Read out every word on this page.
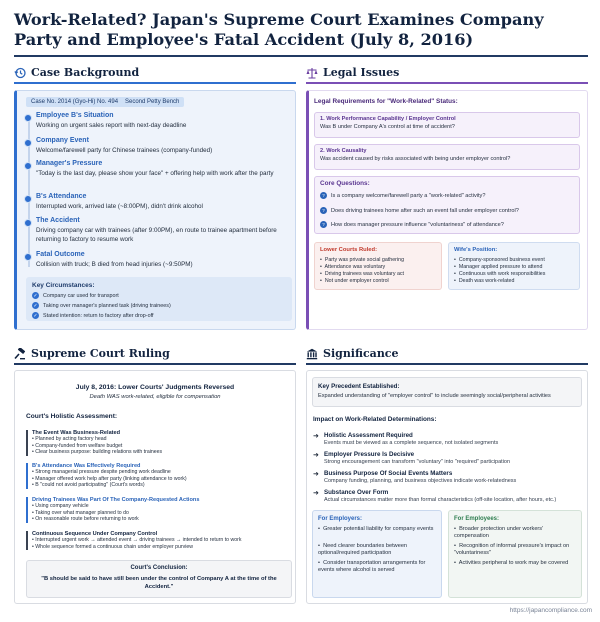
Work-Related? Japan's Supreme Court Examines Company Party and Employee's Fatal Accident (July 8, 2016)
Case Background
Case No. 2014 (Gyo-Hi) No. 494	Second Petty Bench
Employee B's Situation
Working on urgent sales report with next-day deadline
Company Event
Welcome/farewell party for Chinese trainees (company-funded)
Manager's Pressure
"Today is the last day, please show your face" + offering help with work after the party
B's Attendance
Interrupted work, arrived late (~8:00PM), didn't drink alcohol
The Accident
Driving company car with trainees (after 9:00PM), en route to trainee apartment before returning to factory to resume work
Fatal Outcome
Collision with truck; B died from head injuries (~9:50PM)
Key Circumstances:
✓ Company car used for transport
✓ Taking over manager's planned task (driving trainees)
✓ Stated intention: return to factory after drop-off
Legal Issues
Legal Requirements for "Work-Related" Status:
1. Work Performance Capability / Employer Control
Was B under Company A's control at time of accident?
2. Work Causality
Was accident caused by risks associated with being under employer control?
Core Questions:
? Is a company welcome/farewell party a "work-related" activity?
? Does driving trainees home after such an event fall under employer control?
? How does manager pressure influence "voluntariness" of attendance?
Lower Courts Ruled:
•  Party was private social gathering
•  Attendance was voluntary
•  Driving trainees was voluntary act
•  Not under employer control
Wife's Position:
•  Company-sponsored business event
•  Manager applied pressure to attend
•  Continuous with work responsibilities
•  Death was work-related
Supreme Court Ruling
July 8, 2016: Lower Courts' Judgments Reversed
Death WAS work-related, eligible for compensation
Court's Holistic Assessment:
The Event Was Business-Related
• Planned by acting factory head
• Company-funded from welfare budget
• Clear business purpose: building relations with trainees
B's Attendance Was Effectively Required
• Strong managerial pressure despite pending work deadline
• Manager offered work help after party (linking attendance to work)
• B "could not avoid participating" (Court's words)
Driving Trainees Was Part Of The Company-Requested Actions
• Using company vehicle
• Taking over what manager planned to do
• On reasonable route before returning to work
Continuous Sequence Under Company Control
• Interrupted urgent work → attended event → driving trainees → intended to return to work
• Whole sequence formed a continuous chain under employer purview
Court's Conclusion:
"B should be said to have still been under the control of Company A at the time of the Accident."
Significance
Key Precedent Established:
Expanded understanding of "employer control" to include seemingly social/peripheral activities
Impact on Work-Related Determinations:
➜ Holistic Assessment Required
Events must be viewed as a complete sequence, not isolated segments
➜ Employer Pressure Is Decisive
Strong encouragement can transform "voluntary" into "required" participation
➜ Business Purpose Of Social Events Matters
Company funding, planning, and business objectives indicate work-relatedness
➜ Substance Over Form
Actual circumstances matter more than formal characteristics (off-site location, after hours, etc.)
For Employers:
•  Greater potential liability for company events
•  Need clearer boundaries between optional/required participation
•  Consider transportation arrangements for events where alcohol is served
For Employees:
•  Broader protection under workers' compensation
•  Recognition of informal pressure's impact on "voluntariness"
•  Activities peripheral to work may be covered
https://japancompliance.com
